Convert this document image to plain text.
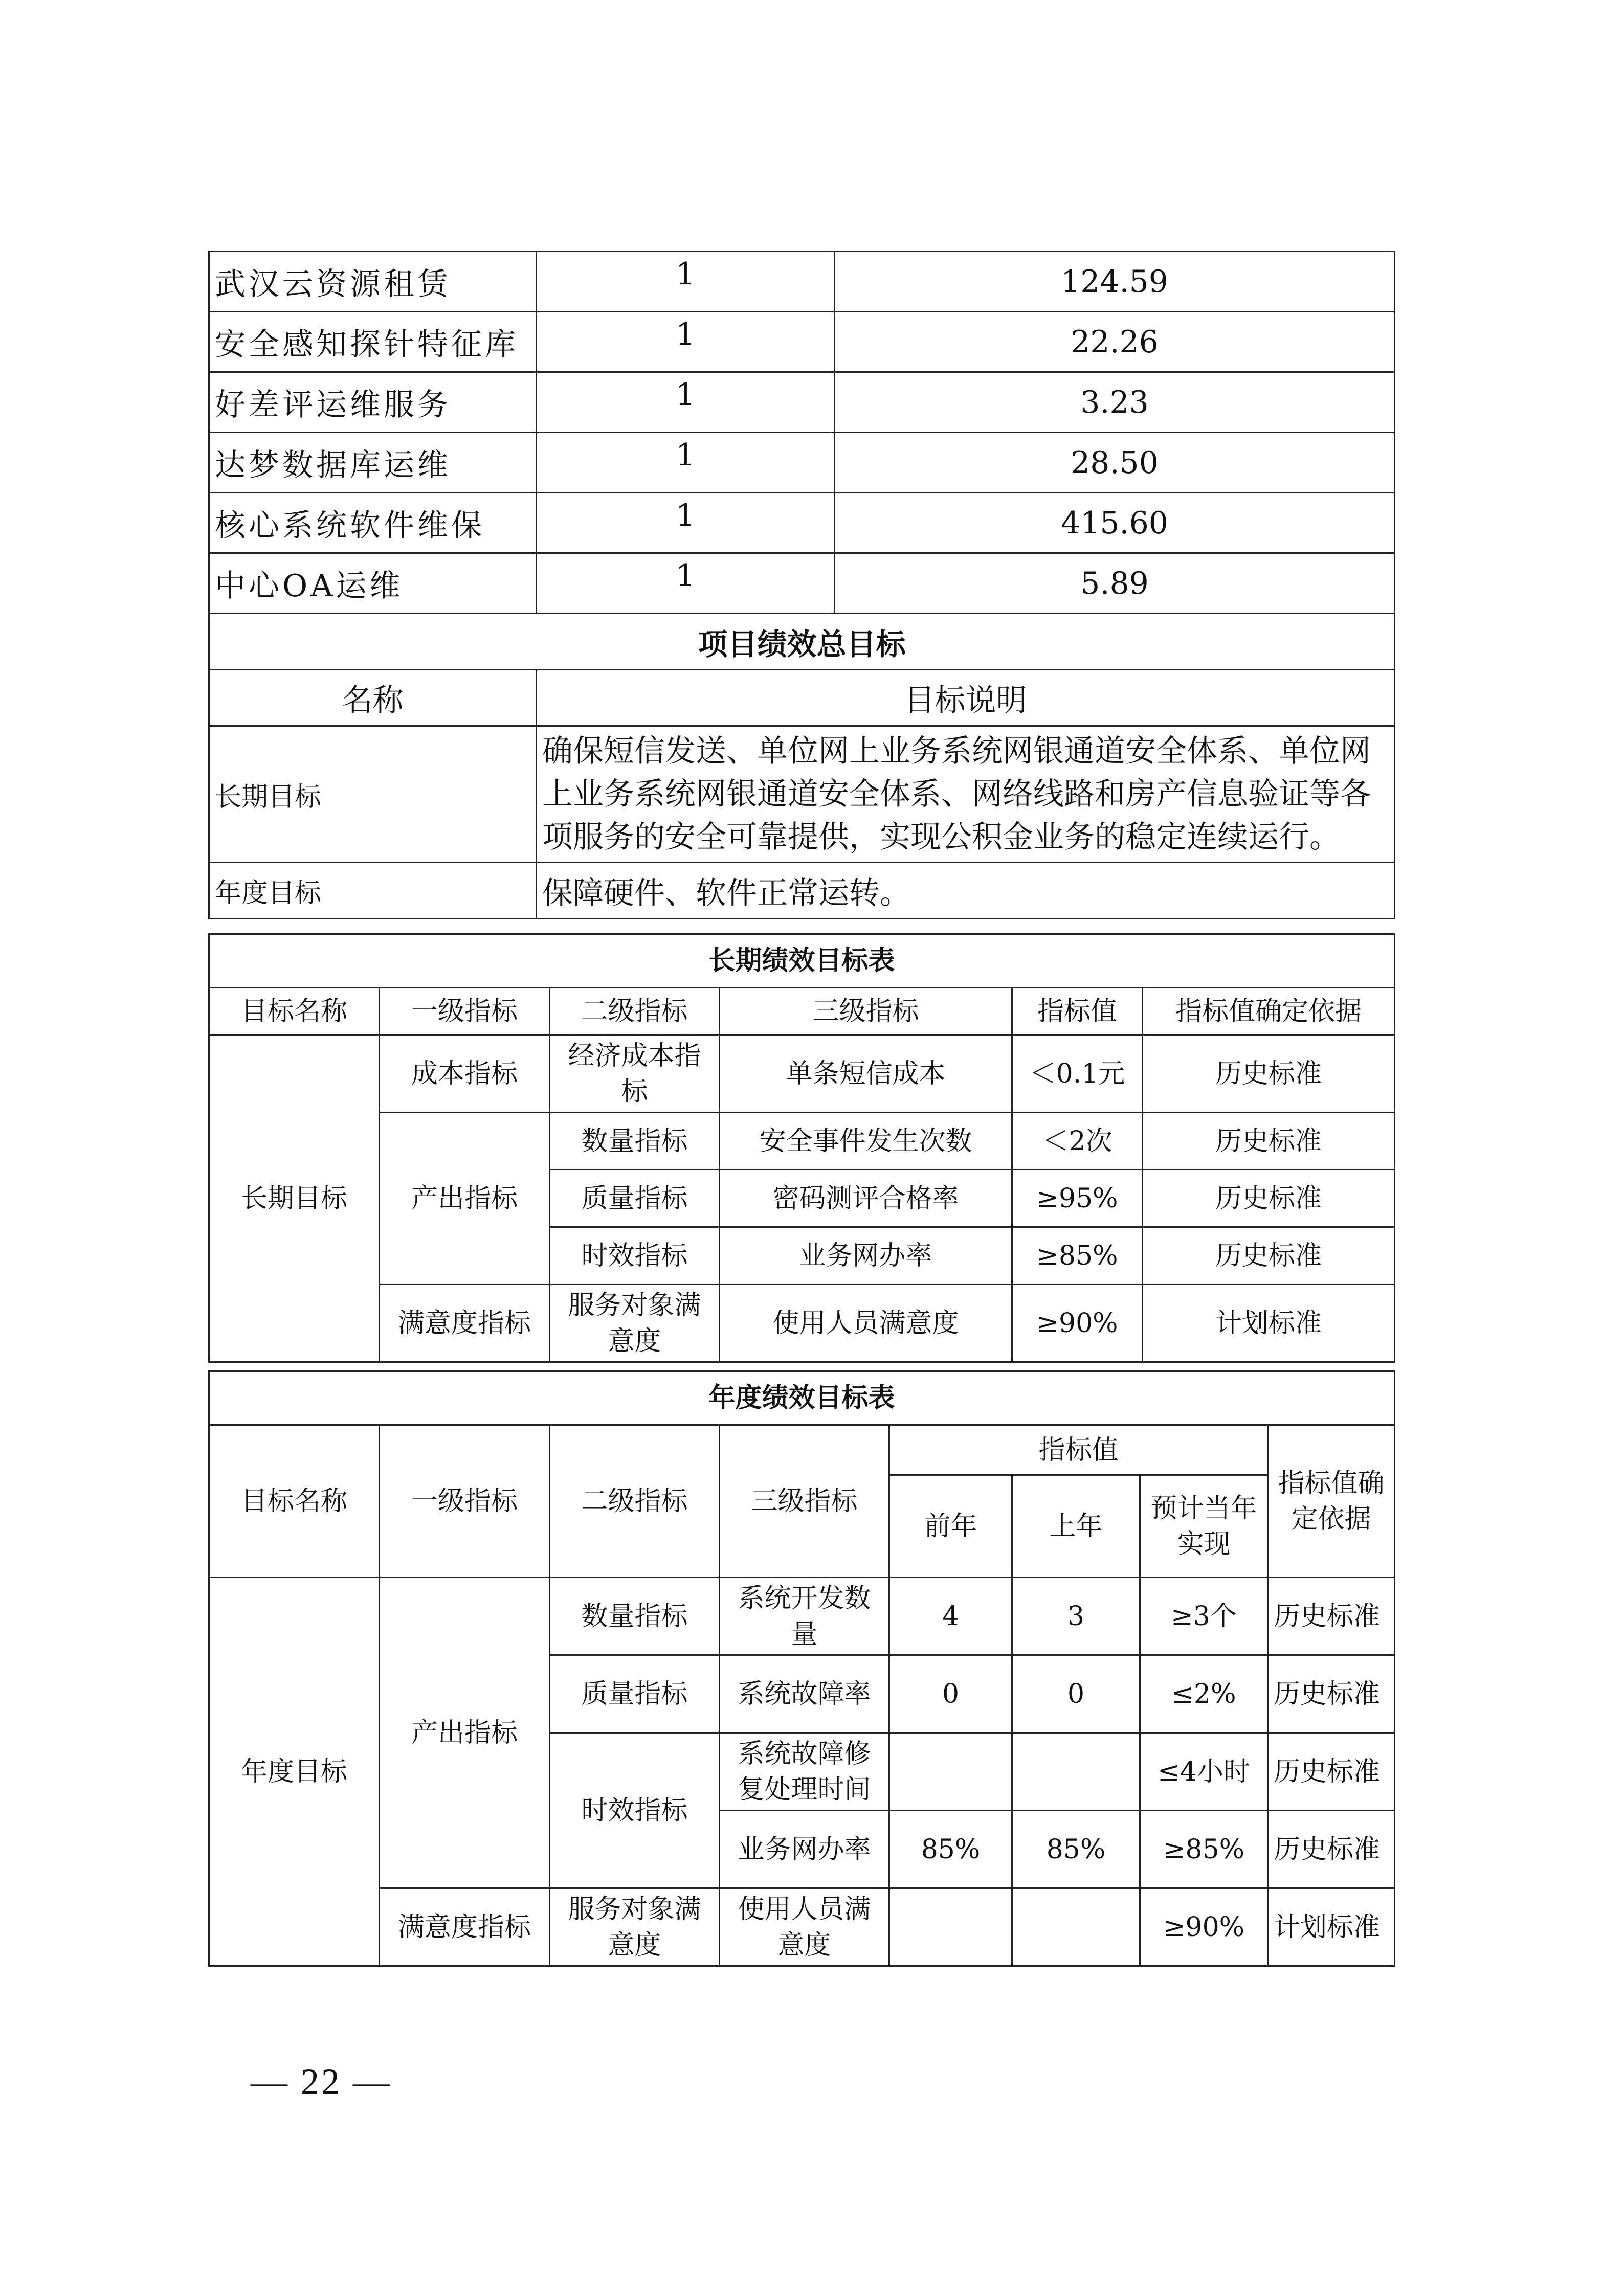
武汉云资源租赁	1	124.59
安全感知探针特征库	1	22.26
好差评运维服务	1	3.23
达梦数据库运维	1	28.50
核心系统软件维保	1	415.60
中心OA运维	1	5.89
项目绩效总目标		
名称	目标说明	
长期目标	确保短信发送、单位网上业务系统网银通道安全体系、单位网上业务系统网银通道安全体系、网络线路和房产信息验证等各项服务的安全可靠提供，实现公积金业务的稳定连续运行。	
年度目标	保障硬件、软件正常运转。	
长期绩效目标表					
目标名称	一级指标	二级指标	三级指标	指标值	指标值确定依据
长期目标	成本指标	经济成本指标	单条短信成本	＜0.1元	历史标准
	产出指标	数量指标	安全事件发生次数	＜2次	历史标准
		质量指标	密码测评合格率	≥95%	历史标准
		时效指标	业务网办率	≥85%	历史标准
	满意度指标	服务对象满意度	使用人员满意度	≥90%	计划标准
年度绩效目标表							
目标名称	一级指标	二级指标	三级指标	指标值			指标值确定依据
				前年	上年	预计当年实现	
年度目标	产出指标	数量指标	系统开发数量	4	3	≥3个	历史标准
		质量指标	系统故障率	0	0	≤2%	历史标准
		时效指标	系统故障修复处理时间			≤4小时	历史标准
			业务网办率	85%	85%	≥85%	历史标准
	满意度指标	服务对象满意度	使用人员满意度			≥90%	计划标准
— 22 —
